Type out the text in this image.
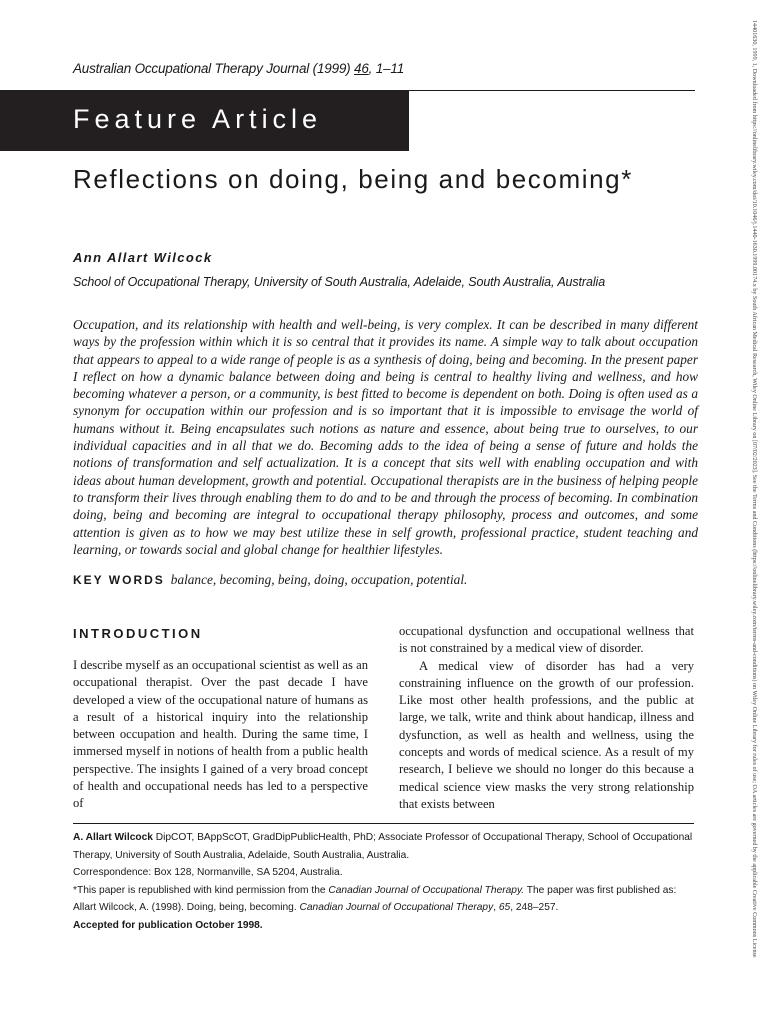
Australian Occupational Therapy Journal (1999) 46, 1–11
Feature Article
Reflections on doing, being and becoming*
Ann Allart Wilcock
School of Occupational Therapy, University of South Australia, Adelaide, South Australia, Australia
Occupation, and its relationship with health and well-being, is very complex. It can be described in many different ways by the profession within which it is so central that it provides its name. A simple way to talk about occupation that appears to appeal to a wide range of people is as a synthesis of doing, being and becoming. In the present paper I reflect on how a dynamic balance between doing and being is central to healthy living and wellness, and how becoming whatever a person, or a community, is best fitted to become is dependent on both. Doing is often used as a synonym for occupation within our profession and is so important that it is impossible to envisage the world of humans without it. Being encapsulates such notions as nature and essence, about being true to ourselves, to our individual capacities and in all that we do. Becoming adds to the idea of being a sense of future and holds the notions of transformation and self actualization. It is a concept that sits well with enabling occupation and with ideas about human development, growth and potential. Occupational therapists are in the business of helping people to transform their lives through enabling them to do and to be and through the process of becoming. In combination doing, being and becoming are integral to occupational therapy philosophy, process and outcomes, and some attention is given as to how we may best utilize these in self growth, professional practice, student teaching and learning, or towards social and global change for healthier lifestyles.
KEY WORDS balance, becoming, being, doing, occupation, potential.
INTRODUCTION

I describe myself as an occupational scientist as well as an occupational therapist. Over the past decade I have developed a view of the occupational nature of humans as a result of a historical inquiry into the relationship between occupation and health. During the same time, I immersed myself in notions of health from a public health perspective. The insights I gained of a very broad concept of health and occupational needs has led to a perspective of

occupational dysfunction and occupational wellness that is not constrained by a medical view of disorder.

A medical view of disorder has had a very constraining influence on the growth of our profession. Like most other health professions, and the public at large, we talk, write and think about handicap, illness and dysfunction, as well as health and wellness, using the concepts and words of medical science. As a result of my research, I believe we should no longer do this because a medical science view masks the very strong relationship that exists between

A. Allart Wilcock DipCOT, BAppScOT, GradDipPublicHealth, PhD; Associate Professor of Occupational Therapy, School of Occupational Therapy, University of South Australia, Adelaide, South Australia, Australia.

Correspondence: Box 128, Normanville, SA 5204, Australia.

*This paper is republished with kind permission from the Canadian Journal of Occupational Therapy. The paper was first published as: Allart Wilcock, A. (1998). Doing, being, becoming. Canadian Journal of Occupational Therapy, 65, 248–257.

Accepted for publication October 1998.	14401630, 1999, 1, Downloaded from https://onlinelibrary.wiley.com/doi/10.1046/j.1440-1630.1999.00174.x by South African Medical Research, Wiley Online Library on [07/02/2023]. See the Terms and Conditions (https://onlinelibrary.wiley.com/terms-and-conditions) on Wiley Online Library for rules of use; OA articles are governed by the applicable Creative Commons License
